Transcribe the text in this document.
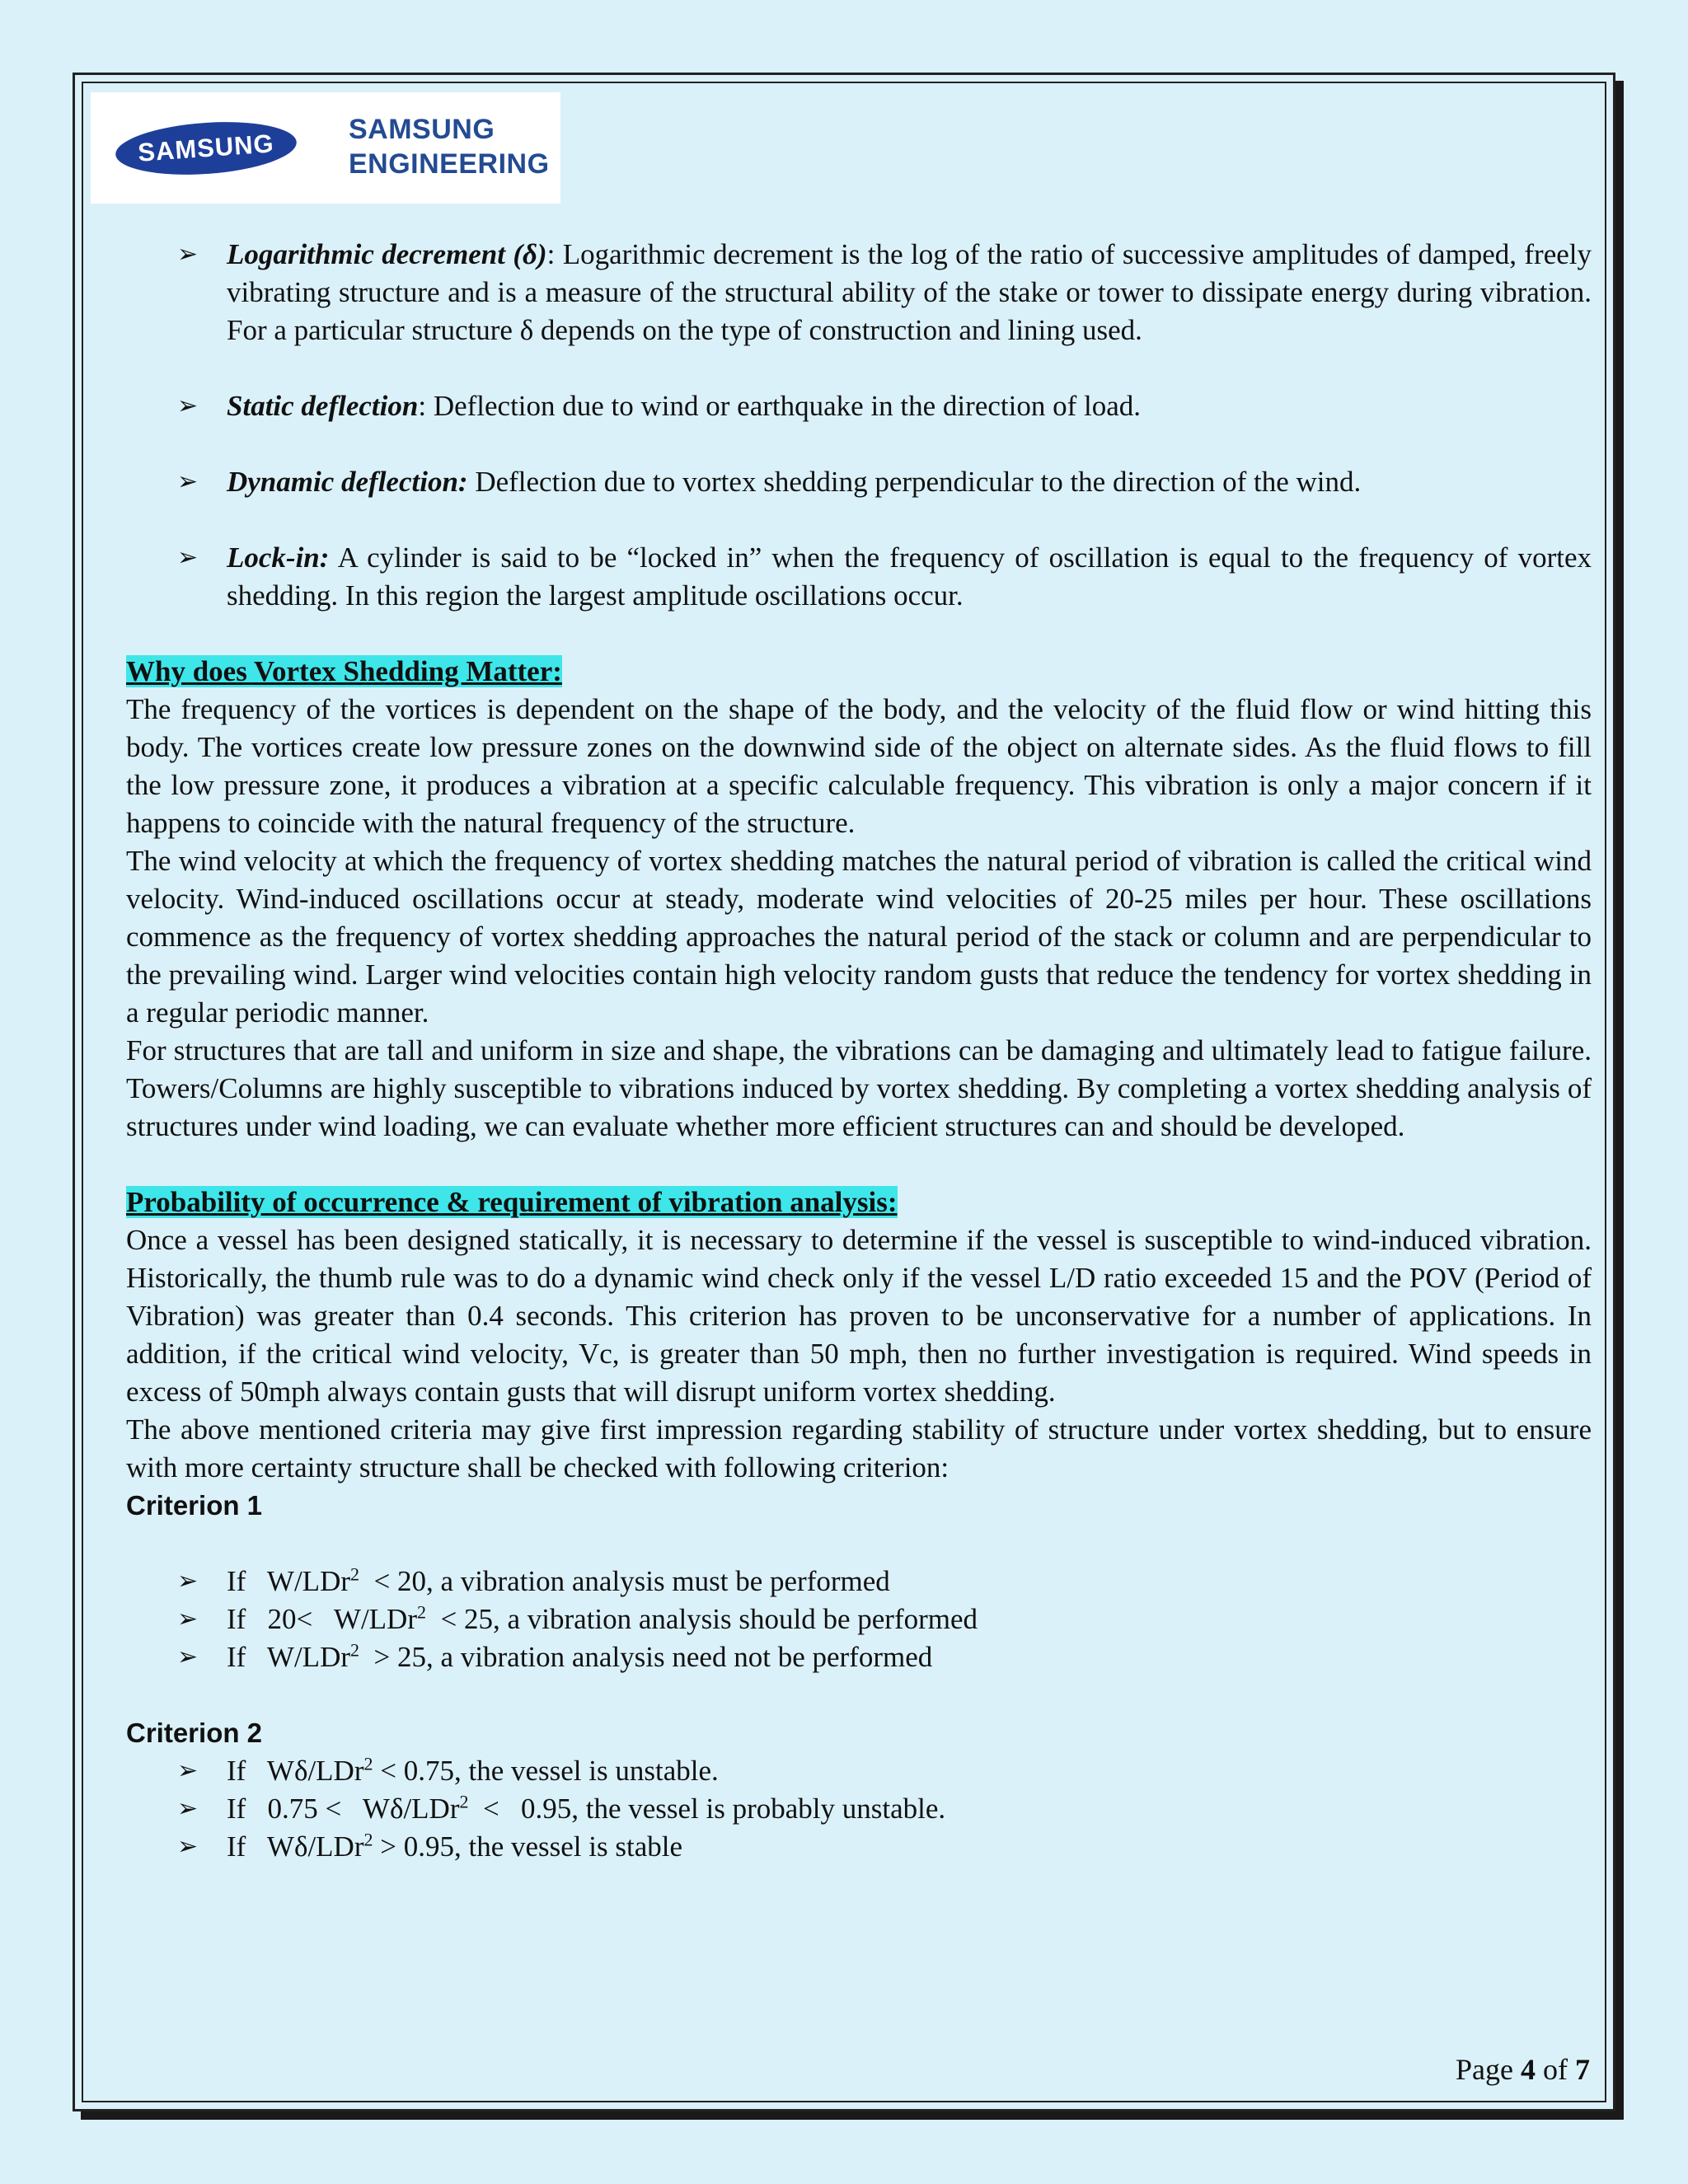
SAMSUNG	SAMSUNG
ENGINEERING
➢ Logarithmic decrement (δ): Logarithmic decrement is the log of the ratio of successive amplitudes of damped, freely vibrating structure and is a measure of the structural ability of the stake or tower to dissipate energy during vibration. For a particular structure δ depends on the type of construction and lining used.
➢ Static deflection: Deflection due to wind or earthquake in the direction of load.
➢ Dynamic deflection: Deflection due to vortex shedding perpendicular to the direction of the wind.
➢ Lock-in: A cylinder is said to be “locked in” when the frequency of oscillation is equal to the frequency of vortex shedding. In this region the largest amplitude oscillations occur.
Why does Vortex Shedding Matter:
The frequency of the vortices is dependent on the shape of the body, and the velocity of the fluid flow or wind hitting this body. The vortices create low pressure zones on the downwind side of the object on alternate sides. As the fluid flows to fill the low pressure zone, it produces a vibration at a specific calculable frequency. This vibration is only a major concern if it happens to coincide with the natural frequency of the structure.
The wind velocity at which the frequency of vortex shedding matches the natural period of vibration is called the critical wind velocity. Wind-induced oscillations occur at steady, moderate wind velocities of 20-25 miles per hour. These oscillations commence as the frequency of vortex shedding approaches the natural period of the stack or column and are perpendicular to the prevailing wind. Larger wind velocities contain high velocity random gusts that reduce the tendency for vortex shedding in a regular periodic manner.
For structures that are tall and uniform in size and shape, the vibrations can be damaging and ultimately lead to fatigue failure. Towers/Columns are highly susceptible to vibrations induced by vortex shedding. By completing a vortex shedding analysis of structures under wind loading, we can evaluate whether more efficient structures can and should be developed.
Probability of occurrence & requirement of vibration analysis:
Once a vessel has been designed statically, it is necessary to determine if the vessel is susceptible to wind-induced vibration. Historically, the thumb rule was to do a dynamic wind check only if the vessel L/D ratio exceeded 15 and the POV (Period of Vibration) was greater than 0.4 seconds. This criterion has proven to be unconservative for a number of applications. In addition, if the critical wind velocity, Vc, is greater than 50 mph, then no further investigation is required. Wind speeds in excess of 50mph always contain gusts that will disrupt uniform vortex shedding.
The above mentioned criteria may give first impression regarding stability of structure under vortex shedding, but to ensure with more certainty structure shall be checked with following criterion:
Criterion 1
➢ If   W/LDr$^2$  < 20, a vibration analysis must be performed
➢ If   20<   W/LDr$^2$  < 25, a vibration analysis should be performed
➢ If   W/LDr$^2$  > 25, a vibration analysis need not be performed
Criterion 2
➢ If   Wδ/LDr$^2$ < 0.75, the vessel is unstable.
➢ If   0.75 <   Wδ/LDr$^2$  <   0.95, the vessel is probably unstable.
➢ If   Wδ/LDr$^2$ > 0.95, the vessel is stable
Page 4 of 7
